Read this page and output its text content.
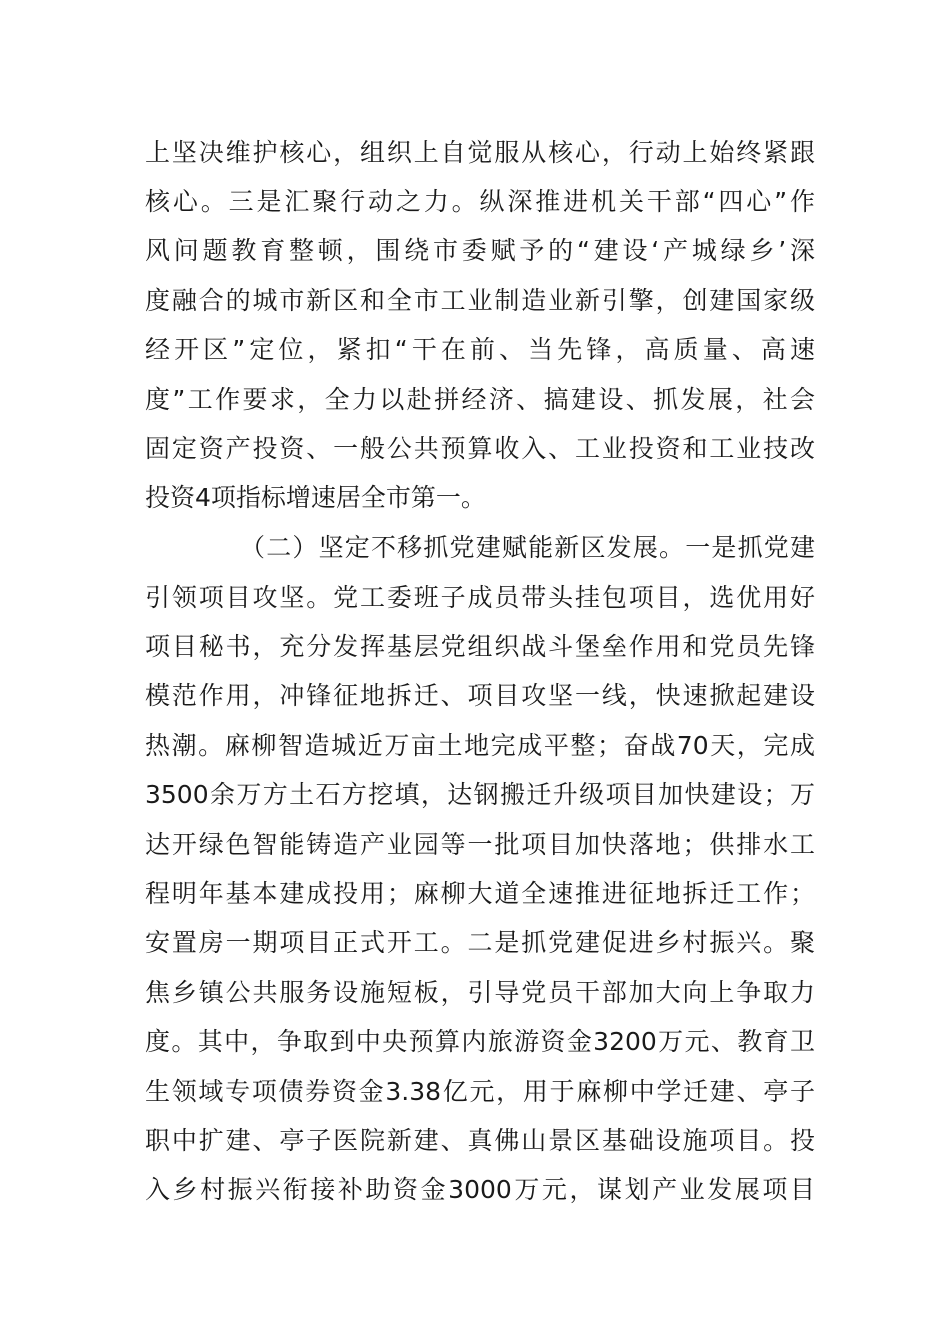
上坚决维护核心，组织上自觉服从核心，行动上始终紧跟
核心。三是汇聚行动之力。纵深推进机关干部“四心”作
风问题教育整顿，围绕市委赋予的“建设‘产城绿乡’深
度融合的城市新区和全市工业制造业新引擎，创建国家级
经开区”定位，紧扣“干在前、当先锋，高质量、高速
度”工作要求，全力以赴拼经济、搞建设、抓发展，社会
固定资产投资、一般公共预算收入、工业投资和工业技改
投资4项指标增速居全市第一。
（二）坚定不移抓党建赋能新区发展。一是抓党建
引领项目攻坚。党工委班子成员带头挂包项目，选优用好
项目秘书，充分发挥基层党组织战斗堡垒作用和党员先锋
模范作用，冲锋征地拆迁、项目攻坚一线，快速掀起建设
热潮。麻柳智造城近万亩土地完成平整；奋战70天，完成
3500余万方土石方挖填，达钢搬迁升级项目加快建设；万
达开绿色智能铸造产业园等一批项目加快落地；供排水工
程明年基本建成投用；麻柳大道全速推进征地拆迁工作；
安置房一期项目正式开工。二是抓党建促进乡村振兴。聚
焦乡镇公共服务设施短板，引导党员干部加大向上争取力
度。其中，争取到中央预算内旅游资金3200万元、教育卫
生领域专项债券资金3.38亿元，用于麻柳中学迁建、亭子
职中扩建、亭子医院新建、真佛山景区基础设施项目。投
入乡村振兴衔接补助资金3000万元，谋划产业发展项目
